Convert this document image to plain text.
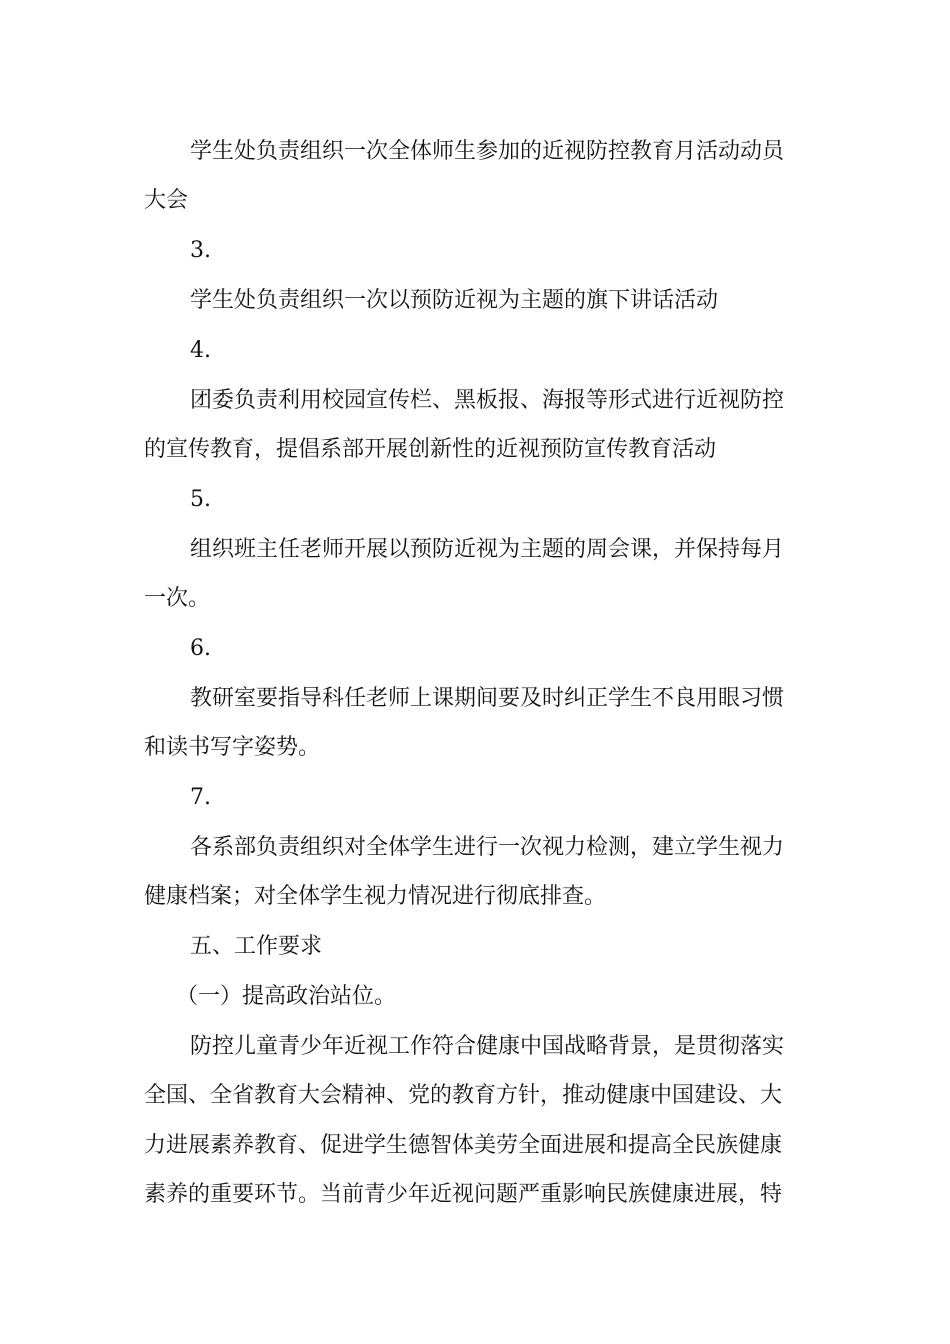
学生处负责组织一次全体师生参加的近视防控教育月活动动员
大会
3.
学生处负责组织一次以预防近视为主题的旗下讲话活动
4.
团委负责利用校园宣传栏、黑板报、海报等形式进行近视防控
的宣传教育，提倡系部开展创新性的近视预防宣传教育活动
5.
组织班主任老师开展以预防近视为主题的周会课，并保持每月
一次。
6.
教研室要指导科任老师上课期间要及时纠正学生不良用眼习惯
和读书写字姿势。
7.
各系部负责组织对全体学生进行一次视力检测，建立学生视力
健康档案；对全体学生视力情况进行彻底排查。
五、工作要求
（一）提高政治站位。
防控儿童青少年近视工作符合健康中国战略背景，是贯彻落实
全国、全省教育大会精神、党的教育方针，推动健康中国建设、大
力进展素养教育、促进学生德智体美劳全面进展和提高全民族健康
素养的重要环节。当前青少年近视问题严重影响民族健康进展，特
